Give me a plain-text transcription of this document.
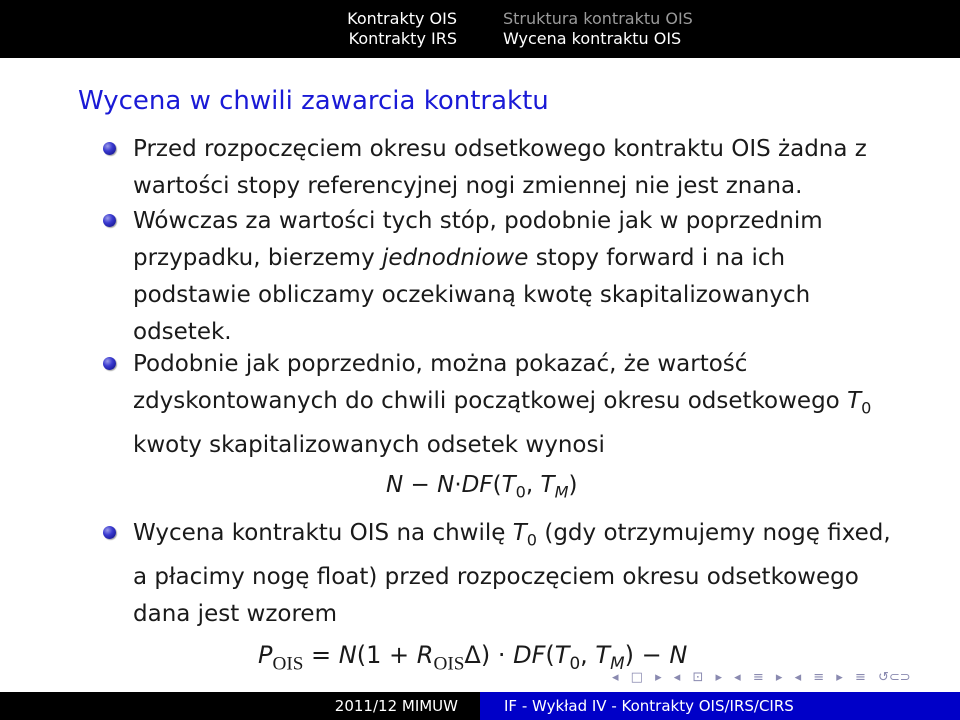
Kontrakty OIS
Kontrakty IRS
Struktura kontraktu OIS
Wycena kontraktu OIS
Wycena w chwili zawarcia kontraktu

Przed rozpoczęciem okresu odsetkowego kontraktu OIS żadna z wartości stopy referencyjnej nogi zmiennej nie jest znana.

Wówczas za wartości tych stóp, podobnie jak w poprzednim przypadku, bierzemy jednodniowe stopy forward i na ich podstawie obliczamy oczekiwaną kwotę skapitalizowanych odsetek.

Podobnie jak poprzednio, można pokazać, że wartość zdyskontowanych do chwili początkowej okresu odsetkowego $T_0$ kwoty skapitalizowanych odsetek wynosi

$N - N\cdot DF(T_0$, $T_M$)

Wycena kontraktu OIS na chwilę $T_0$ (gdy otrzymujemy nogę fixed, a płacimy nogę float) przed rozpoczęciem okresu odsetkowego dana jest wzorem

$P_{OIS} = N(1 + R_{OIS}\Delta) \cdot DF(T_0$, $T_M) - N$
◂ □ ▸ ◂ ⊡ ▸ ◂ ≡ ▸ ◂ ≡ ▸ ≡ ↺⊂⊃
2011/12 MIMUW	IF - Wykład IV - Kontrakty OIS/IRS/CIRS
